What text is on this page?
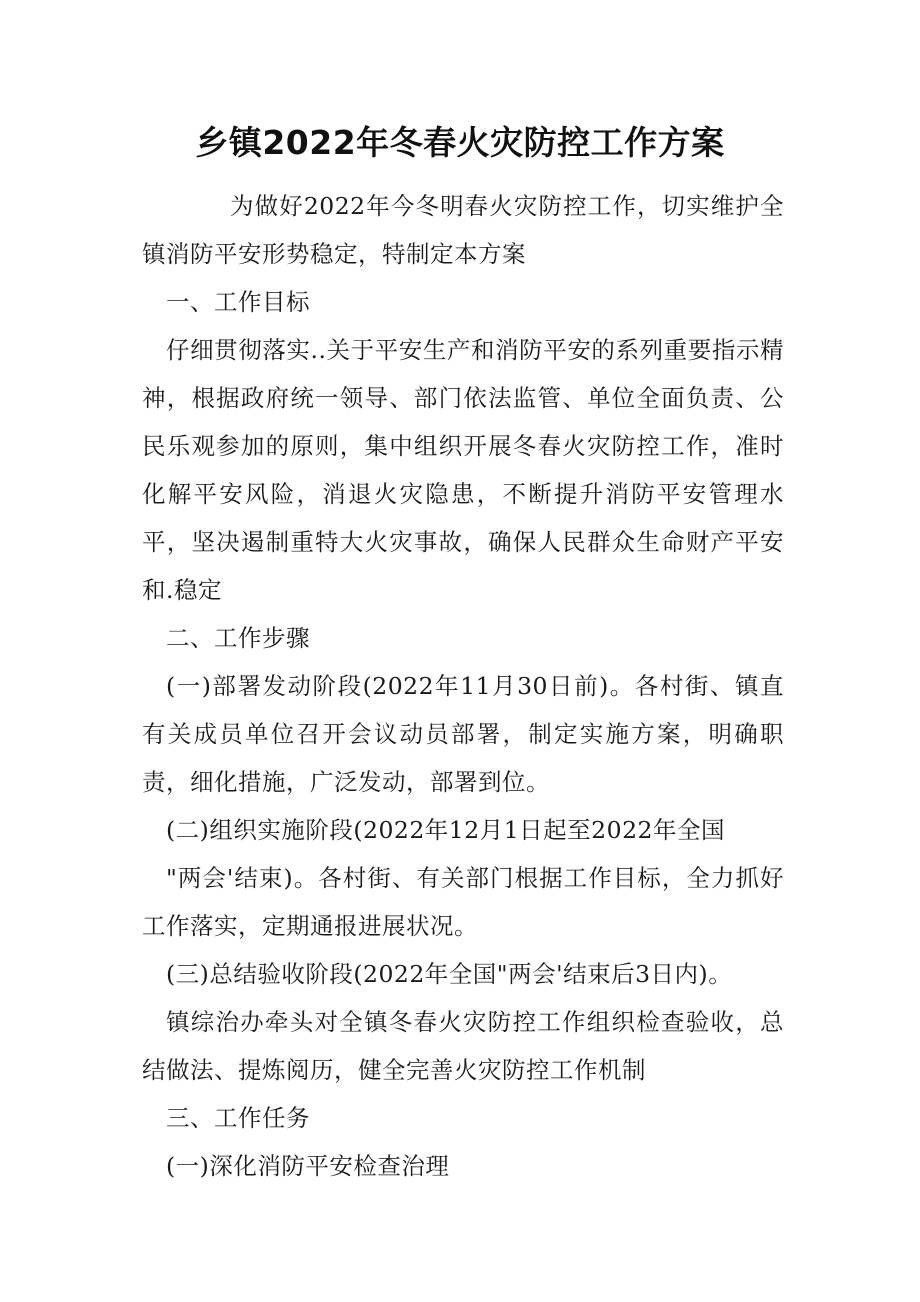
乡镇2022年冬春火灾防控工作方案

为做好2022年今冬明春火灾防控工作，切实维护全镇消防平安形势稳定，特制定本方案

一、工作目标

仔细贯彻落实..关于平安生产和消防平安的系列重要指示精神，根据政府统一领导、部门依法监管、单位全面负责、公民乐观参加的原则，集中组织开展冬春火灾防控工作，准时化解平安风险，消退火灾隐患，不断提升消防平安管理水平，坚决遏制重特大火灾事故，确保人民群众生命财产平安和.稳定

二、工作步骤

(一)部署发动阶段(2022年11月30日前)。各村街、镇直有关成员单位召开会议动员部署，制定实施方案，明确职责，细化措施，广泛发动，部署到位。

(二)组织实施阶段(2022年12月1日起至2022年全国

"两会'结束)。各村街、有关部门根据工作目标，全力抓好工作落实，定期通报进展状况。

(三)总结验收阶段(2022年全国"两会'结束后3日内)。

镇综治办牵头对全镇冬春火灾防控工作组织检查验收，总结做法、提炼阅历，健全完善火灾防控工作机制

三、工作任务

(一)深化消防平安检查治理
